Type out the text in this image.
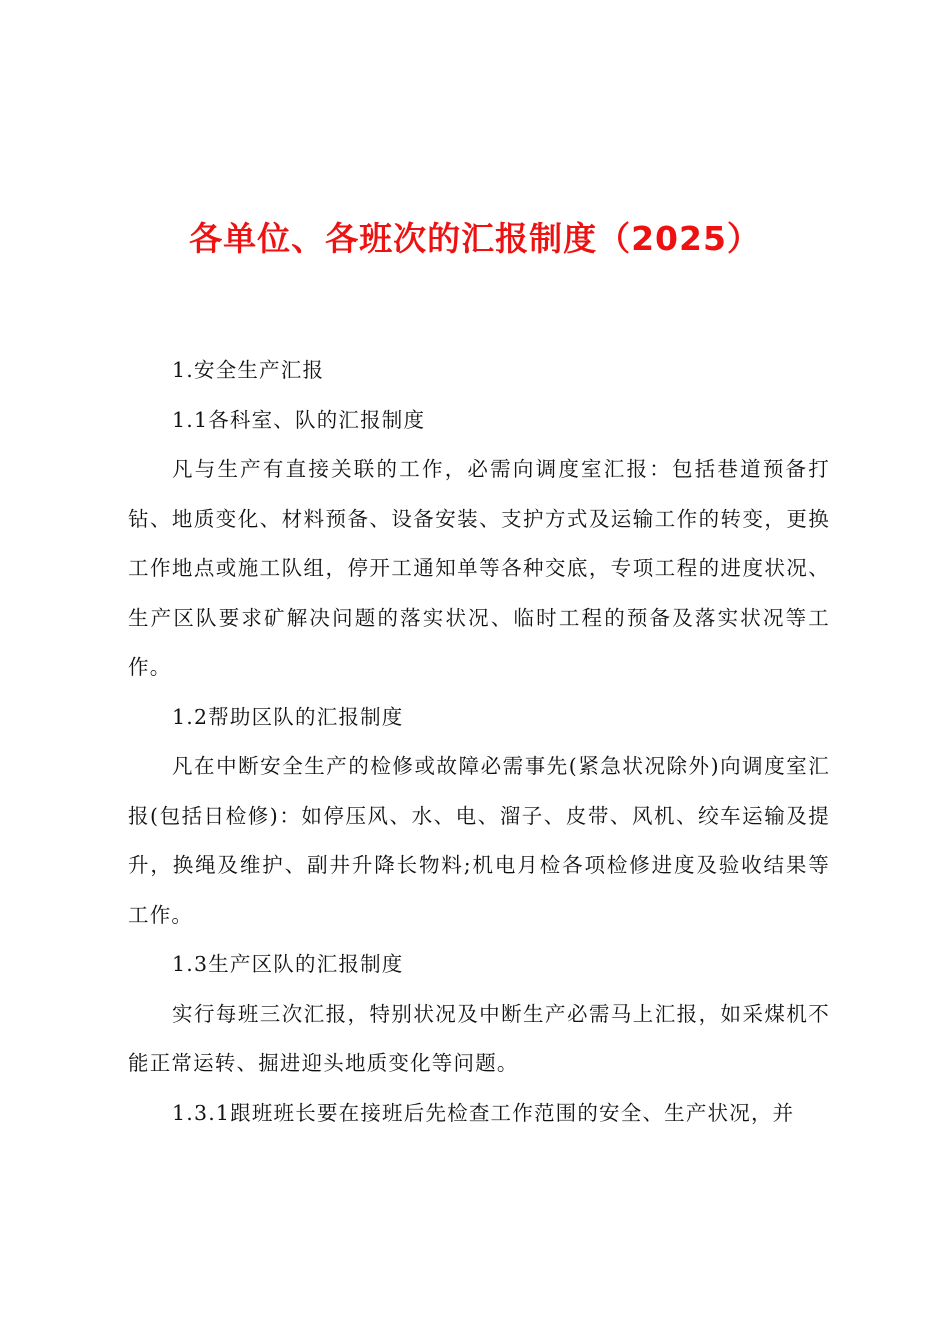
各单位、各班次的汇报制度（2025）

1.安全生产汇报

1.1各科室、队的汇报制度

凡与生产有直接关联的工作，必需向调度室汇报：包括巷道预备打钻、地质变化、材料预备、设备安装、支护方式及运输工作的转变，更换工作地点或施工队组，停开工通知单等各种交底，专项工程的进度状况、生产区队要求矿解决问题的落实状况、临时工程的预备及落实状况等工作。

1.2帮助区队的汇报制度

凡在中断安全生产的检修或故障必需事先(紧急状况除外)向调度室汇报(包括日检修)：如停压风、水、电、溜子、皮带、风机、绞车运输及提升，换绳及维护、副井升降长物料;机电月检各项检修进度及验收结果等工作。

1.3生产区队的汇报制度

实行每班三次汇报，特别状况及中断生产必需马上汇报，如采煤机不能正常运转、掘进迎头地质变化等问题。

1.3.1跟班班长要在接班后先检查工作范围的安全、生产状况，并
